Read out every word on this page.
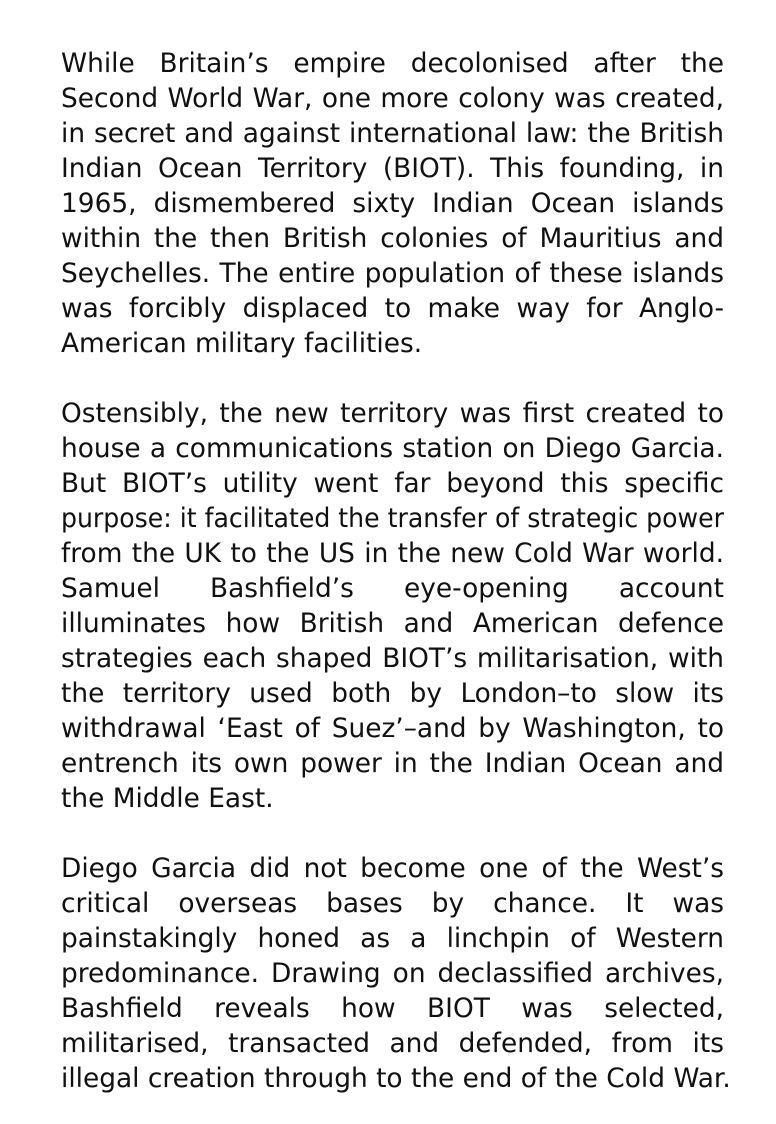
While Britain’s empire decolonised after the
Second World War, one more colony was created,
in secret and against international law: the British
Indian Ocean Territory (BIOT). This founding, in
1965, dismembered sixty Indian Ocean islands
within the then British colonies of Mauritius and
Seychelles. The entire population of these islands
was forcibly displaced to make way for Anglo-
American military facilities.
Ostensibly, the new territory was first created to
house a communications station on Diego Garcia.
But BIOT’s utility went far beyond this specific
purpose: it facilitated the transfer of strategic power
from the UK to the US in the new Cold War world.
Samuel Bashfield’s eye-opening account
illuminates how British and American defence
strategies each shaped BIOT’s militarisation, with
the territory used both by London–to slow its
withdrawal ‘East of Suez’–and by Washington, to
entrench its own power in the Indian Ocean and
the Middle East.
Diego Garcia did not become one of the West’s
critical overseas bases by chance. It was
painstakingly honed as a linchpin of Western
predominance. Drawing on declassified archives,
Bashfield reveals how BIOT was selected,
militarised, transacted and defended, from its
illegal creation through to the end of the Cold War.
